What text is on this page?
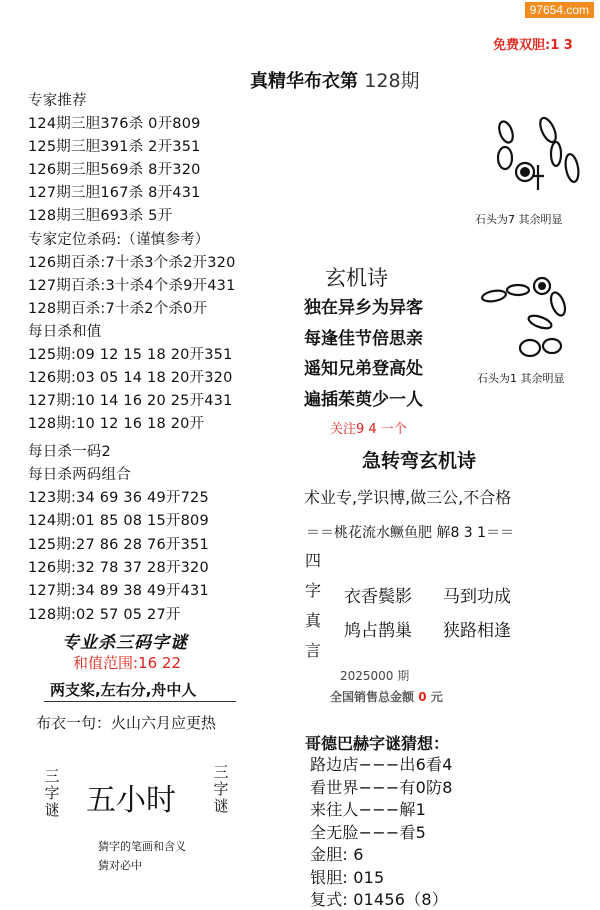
97654.com
免费双胆:1 3
真精华布衣第 128期
专家推荐
124期三胆376杀 0开809
125期三胆391杀 2开351
126期三胆569杀 8开320
127期三胆167杀 8开431
128期三胆693杀 5开
专家定位杀码:（谨慎参考）
126期百杀:7十杀3个杀2开320
127期百杀:3十杀4个杀9开431
128期百杀:7十杀2个杀0开
每日杀和值
125期:09 12 15 18 20开351
126期:03 05 14 18 20开320
127期:10 14 16 20 25开431
128期:10 12 16 18 20开
每日杀一码2
每日杀两码组合
123期:34 69 36 49开725
124期:01 85 08 15开809
125期:27 86 28 76开351
126期:32 78 37 28开320
127期:34 89 38 49开431
128期:02 57 05 27开
专业杀三码字谜
和值范围:16 22
两支桨,左右分,舟中人
布衣一句：火山六月应更热
三字谜 五小时
三字谜
猜字的笔画和含义
猜对必中
石头为7 其余明显
石头为1 其余明显
玄机诗
独在异乡为异客
每逢佳节倍思亲
遥知兄弟登高处
遍插茱萸少一人
关注9 4 一个
急转弯玄机诗
术业专,学识博,做三公,不合格
＝＝桃花流水鳜鱼肥 解8 3 1＝＝
四字真言
衣香鬓影 马到功成
鸠占鹊巢 狭路相逢
2025000 期
全国销售总金额 0 元
哥德巴赫字谜猜想：
路边店−−−出6看4
看世界−−−有0防8
来往人−−−解1
全无脸−−−看5
金胆: 6
银胆: 015
复式: 01456（8）
